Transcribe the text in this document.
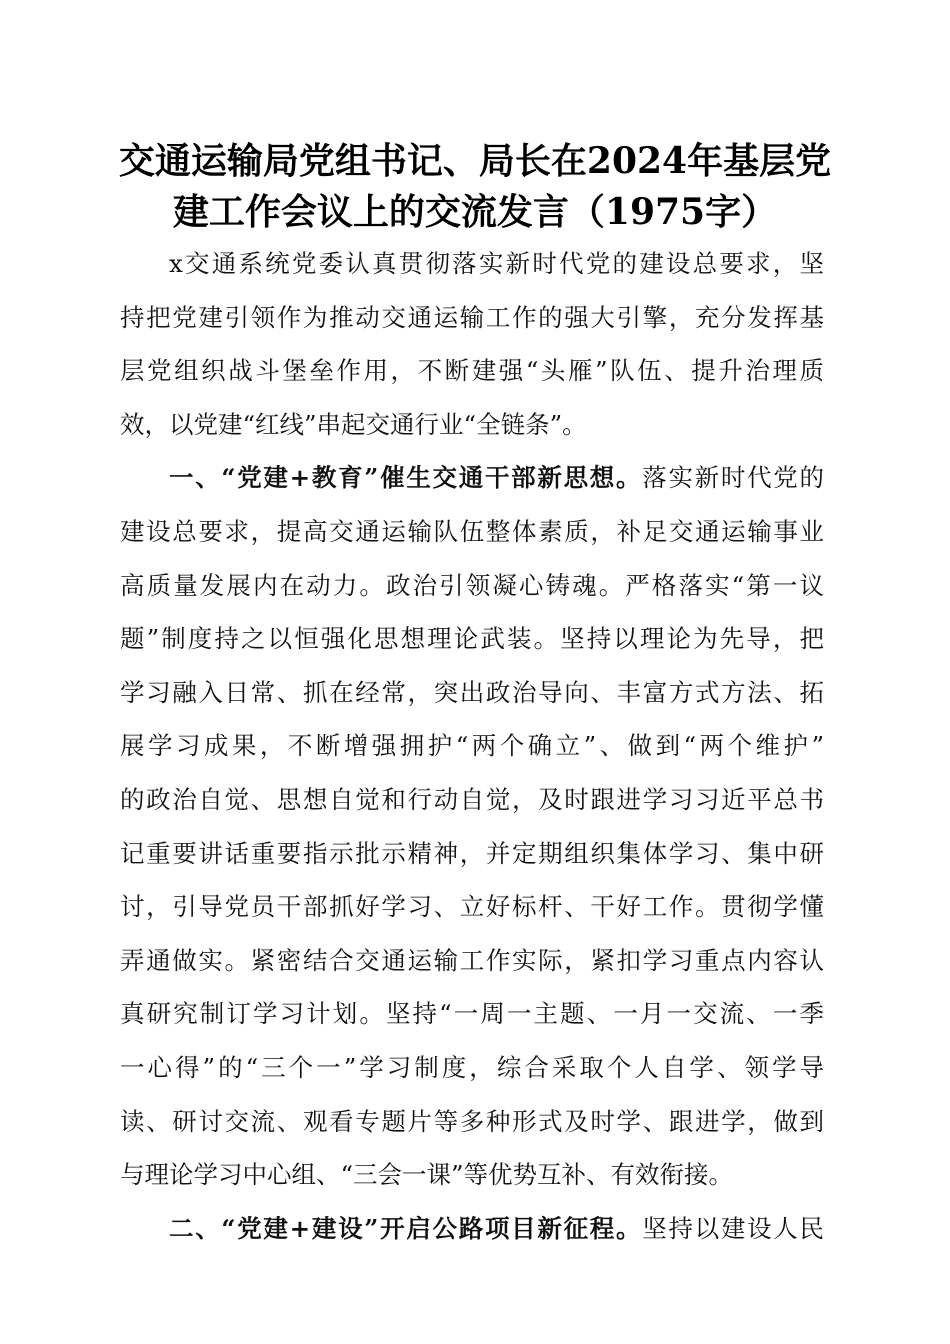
交通运输局党组书记、局长在2024年基层党
建工作会议上的交流发言（1975字）
x交通系统党委认真贯彻落实新时代党的建设总要求，坚
持把党建引领作为推动交通运输工作的强大引擎，充分发挥基
层党组织战斗堡垒作用，不断建强“头雁”队伍、提升治理质
效，以党建“红线”串起交通行业“全链条”。
一、“党建+教育”催生交通干部新思想。落实新时代党的
建设总要求，提高交通运输队伍整体素质，补足交通运输事业
高质量发展内在动力。政治引领凝心铸魂。严格落实“第一议
题”制度持之以恒强化思想理论武装。坚持以理论为先导，把
学习融入日常、抓在经常，突出政治导向、丰富方式方法、拓
展学习成果，不断增强拥护“两个确立”、做到“两个维护”
的政治自觉、思想自觉和行动自觉，及时跟进学习习近平总书
记重要讲话重要指示批示精神，并定期组织集体学习、集中研
讨，引导党员干部抓好学习、立好标杆、干好工作。贯彻学懂
弄通做实。紧密结合交通运输工作实际，紧扣学习重点内容认
真研究制订学习计划。坚持“一周一主题、一月一交流、一季
一心得”的“三个一”学习制度，综合采取个人自学、领学导
读、研讨交流、观看专题片等多种形式及时学、跟进学，做到
与理论学习中心组、“三会一课”等优势互补、有效衔接。
二、“党建+建设”开启公路项目新征程。坚持以建设人民
